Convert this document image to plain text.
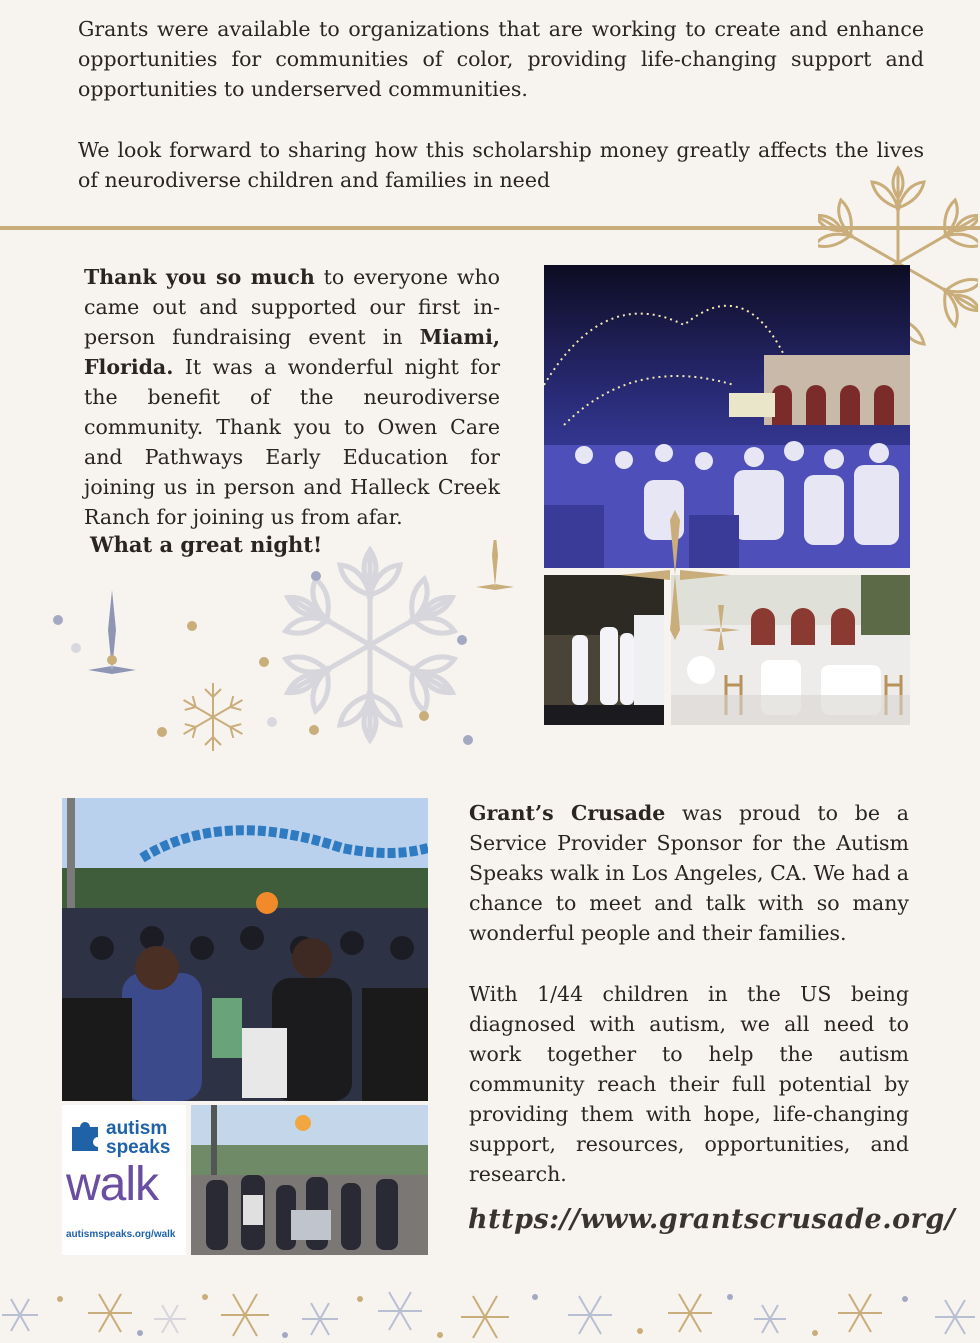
Grants were available to organizations that are working to create and enhance opportunities for communities of color, providing life-changing support and opportunities to underserved communities.

We look forward to sharing how this scholarship money greatly affects the lives of neurodiverse children and families in need

Thank you so much to everyone who came out and supported our first in-person fundraising event in Miami, Florida. It was a wonderful night for the benefit of the neurodiverse community. Thank you to Owen Care and Pathways Early Education for joining us in person and Halleck Creek Ranch for joining us from afar.

What a great night!
autism
speaks
walk
autismspeaks.org/walk

Grant’s Crusade was proud to be a Service Provider Sponsor for the Autism Speaks walk in Los Angeles, CA. We had a chance to meet and talk with so many wonderful people and their families.

With 1/44 children in the US being diagnosed with autism, we all need to work together to help the autism community reach their full potential by providing them with hope, life-changing support, resources, opportunities, and research.

https://www.grantscrusade.org/
